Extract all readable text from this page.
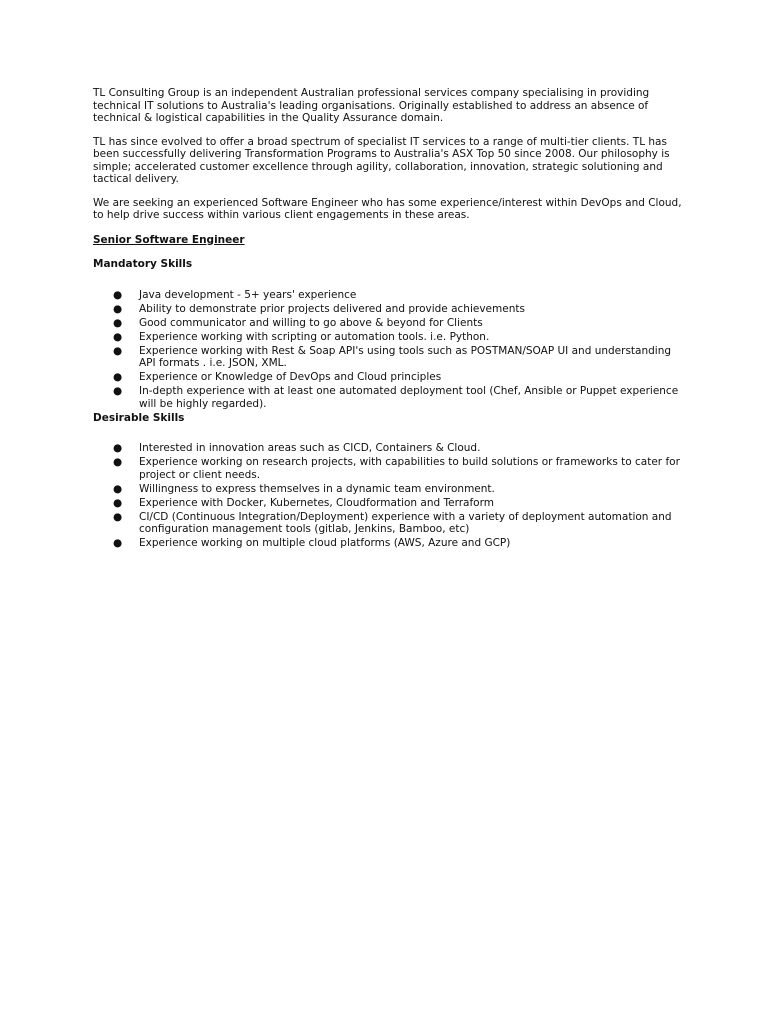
TL Consulting Group is an independent Australian professional services company specialising in providing technical IT solutions to Australia's leading organisations. Originally established to address an absence of technical & logistical capabilities in the Quality Assurance domain.

TL has since evolved to offer a broad spectrum of specialist IT services to a range of multi-tier clients. TL has been successfully delivering Transformation Programs to Australia's ASX Top 50 since 2008. Our philosophy is simple; accelerated customer excellence through agility, collaboration, innovation, strategic solutioning and tactical delivery.

We are seeking an experienced Software Engineer who has some experience/interest within DevOps and Cloud, to help drive success within various client engagements in these areas.

Senior Software Engineer
Mandatory Skills
● Java development - 5+ years' experience
● Ability to demonstrate prior projects delivered and provide achievements
● Good communicator and willing to go above & beyond for Clients
● Experience working with scripting or automation tools. i.e. Python.
● Experience working with Rest & Soap API's using tools such as POSTMAN/SOAP UI and understanding API formats . i.e. JSON, XML.
● Experience or Knowledge of DevOps and Cloud principles
● In-depth experience with at least one automated deployment tool (Chef, Ansible or Puppet experience will be highly regarded).
Desirable Skills
● Interested in innovation areas such as CICD, Containers & Cloud.
● Experience working on research projects, with capabilities to build solutions or frameworks to cater for project or client needs.
● Willingness to express themselves in a dynamic team environment.
● Experience with Docker, Kubernetes, Cloudformation and Terraform
● CI/CD (Continuous Integration/Deployment) experience with a variety of deployment automation and configuration management tools (gitlab, Jenkins, Bamboo, etc)
● Experience working on multiple cloud platforms (AWS, Azure and GCP)
